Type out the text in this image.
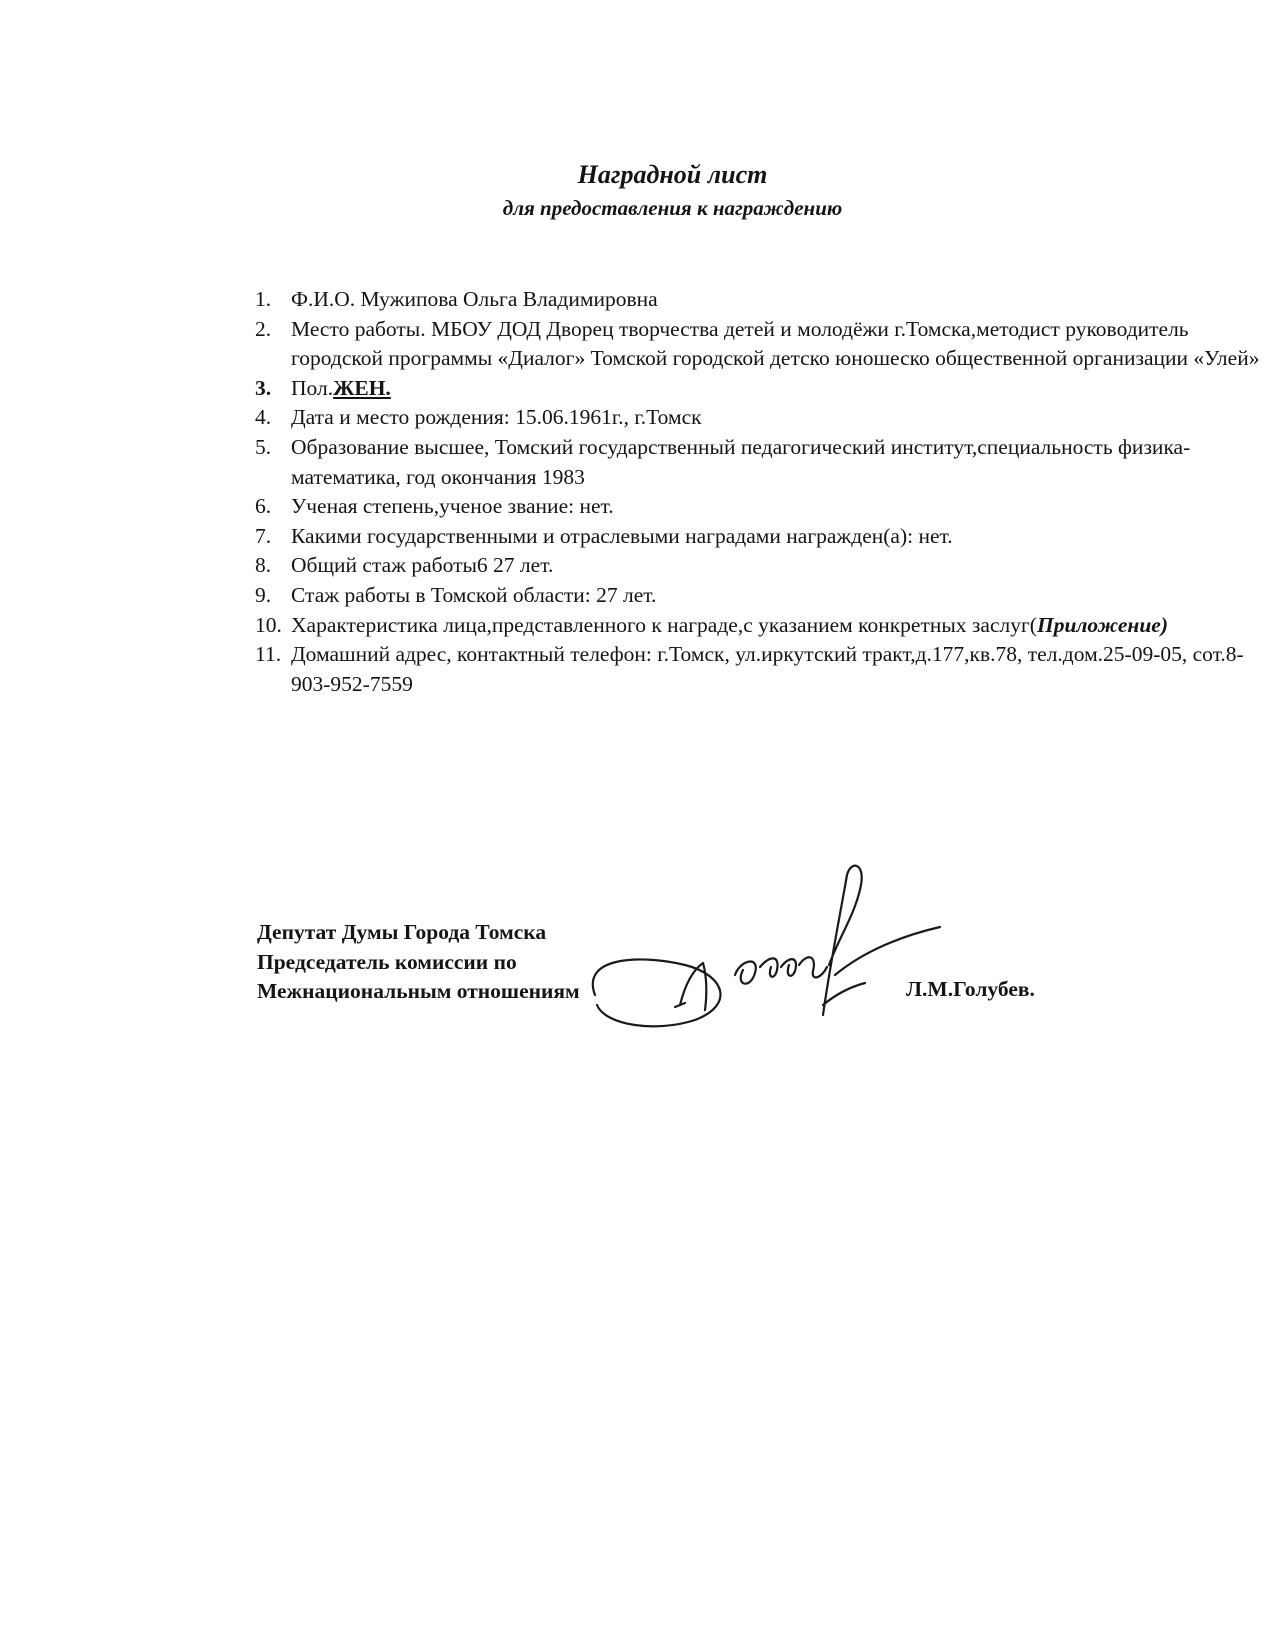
Наградной лист
для предоставления к награждению
1. Ф.И.О. Мужипова Ольга Владимировна
2. Место работы. МБОУ ДОД Дворец творчества детей и молодёжи г.Томска,методист руководитель городской программы «Диалог» Томской городской детско юношеско общественной организации «Улей»
3. Пол.ЖЕН.
4. Дата и место рождения: 15.06.1961г., г.Томск
5. Образование высшее, Томский государственный педагогический институт,специальность физика-математика, год окончания 1983
6. Ученая степень,ученое звание: нет.
7. Какими государственными и отраслевыми наградами награжден(а): нет.
8. Общий стаж работы6 27 лет.
9. Стаж работы в Томской области: 27 лет.
10. Характеристика лица,представленного к награде,с указанием конкретных заслуг(Приложение)
11. Домашний адрес, контактный телефон: г.Томск, ул.иркутский тракт,д.177,кв.78, тел.дом.25-09-05, сот.8-903-952-7559
Депутат Думы Города Томска
Председатель комиссии по
Межнациональным отношениям	Л.М.Голубев.
